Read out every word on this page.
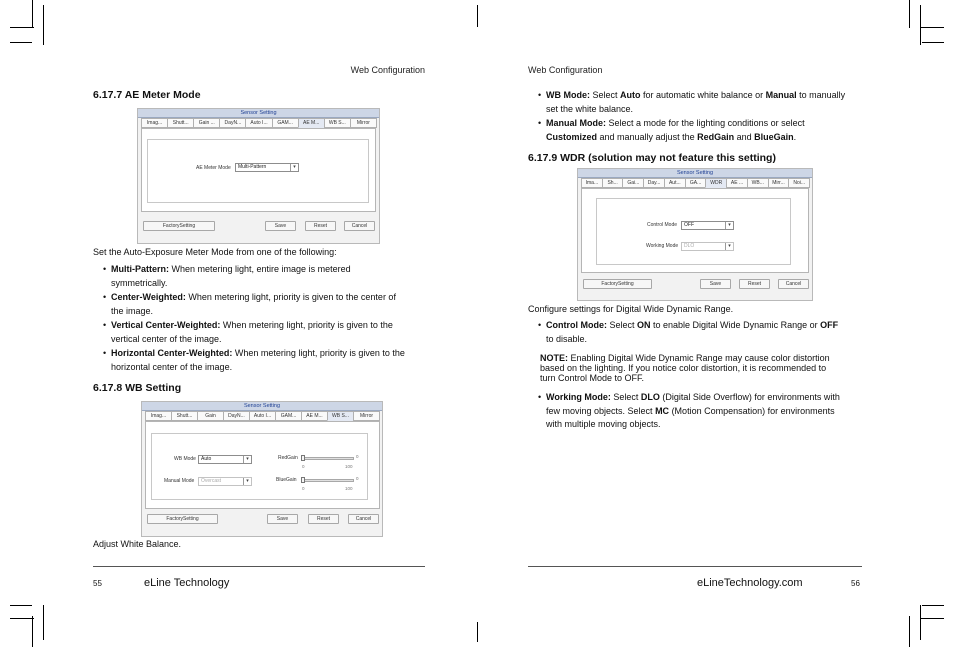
Web Configuration
6.17.7 AE Meter Mode
Sensor Setting
Imag...	Shutt...	Gain ...	DayN...	Auto I...	GAM...	AE M...	WB S...	Mirror
AE Meter Mode	Multi-Pattern	▾
FactorySetting	Save	Reset	Cancel
Set the Auto-Exposure Meter Mode from one of the following:
• Multi-Pattern: When metering light, entire image is metered
symmetrically.
• Center-Weighted: When metering light, priority is given to the center of
the image.
• Vertical Center-Weighted: When metering light, priority is given to the
vertical center of the image.
• Horizontal Center-Weighted: When metering light, priority is given to the
horizontal center of the image.
6.17.8 WB Setting
Sensor Setting
Imag...	Shutt...	Gain	DayN...	Auto I...	GAM...	AE M...	WB S...	Mirror
WB Mode	Auto	▾
Manual Mode	Overcast	▾
RedGain	0
0	100
BlueGain	0
0	100
FactorySetting	Save	Reset	Cancel
Adjust White Balance.
55	eLine Technology
Web Configuration
• WB Mode: Select Auto for automatic white balance or Manual to manually
set the white balance.
• Manual Mode: Select a mode for the lighting conditions or select
Customized and manually adjust the RedGain and BlueGain.
6.17.9 WDR (solution may not feature this setting)
Sensor Setting
Ima...	Sh...	Gai...	Day...	Aut...	GA...	WDR	AE ...	WB...	Mirr...	Noi...
Control Mode	OFF	▾
Working Mode	DLO	▾
FactorySetting	Save	Reset	Cancel
Configure settings for Digital Wide Dynamic Range.
• Control Mode: Select ON to enable Digital Wide Dynamic Range or OFF
to disable.
NOTE: Enabling Digital Wide Dynamic Range may cause color distortion
based on the lighting. If you notice color distortion, it is recommended to
turn Control Mode to OFF.
• Working Mode: Select DLO (Digital Side Overflow) for environments with
few moving objects. Select MC (Motion Compensation) for environments
with multiple moving objects.
eLineTechnology.com	56
